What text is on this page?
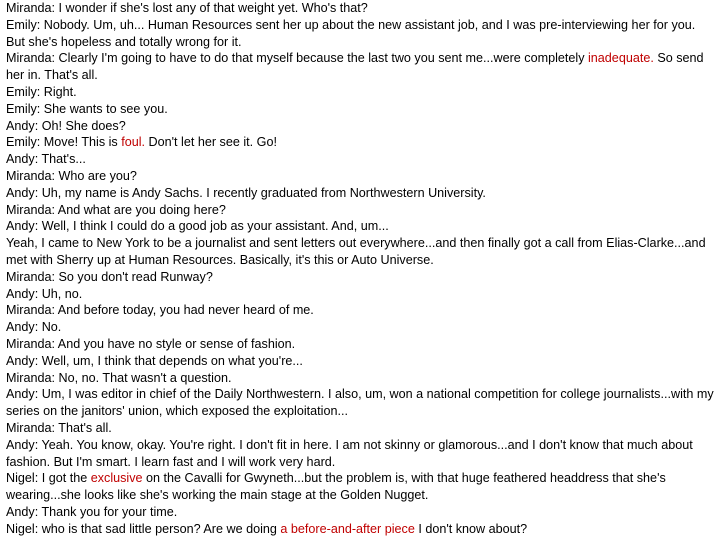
Miranda: I wonder if she's lost any of that weight yet. Who's that?

Emily: Nobody. Um, uh... Human Resources sent her up about the new assistant job, and I was pre-interviewing her for you. But she's hopeless and totally wrong for it.

Miranda: Clearly I'm going to have to do that myself because the last two you sent me...were completely inadequate. So send her in. That's all.

Emily: Right.

Emily: She wants to see you.

Andy: Oh! She does?

Emily: Move! This is foul. Don't let her see it. Go!

Andy: That's...

Miranda: Who are you?

Andy: Uh, my name is Andy Sachs. I recently graduated from Northwestern University.

Miranda: And what are you doing here?

Andy: Well, I think I could do a good job as your assistant. And, um...

Yeah, I came to New York to be a journalist and sent letters out everywhere...and then finally got a call from Elias-Clarke...and met with Sherry up at Human Resources. Basically, it's this or Auto Universe.

Miranda: So you don't read Runway?

Andy: Uh, no.

Miranda: And before today, you had never heard of me.

Andy: No.

Miranda: And you have no style or sense of fashion.

Andy: Well, um, I think that depends on what you're...

Miranda: No, no. That wasn't a question.

Andy: Um, I was editor in chief of the Daily Northwestern. I also, um, won a national competition for college journalists...with my series on the janitors' union, which exposed the exploitation...

Miranda: That's all.

Andy: Yeah. You know, okay. You're right. I don't fit in here. I am not skinny or glamorous...and I don't know that much about fashion. But I'm smart. I learn fast and I will work very hard.

Nigel: I got the exclusive on the Cavalli for Gwyneth...but the problem is, with that huge feathered headdress that she's wearing...she looks like she's working the main stage at the Golden Nugget.

Andy: Thank you for your time.

Nigel: who is that sad little person? Are we doing a before-and-after piece I don't know about?
